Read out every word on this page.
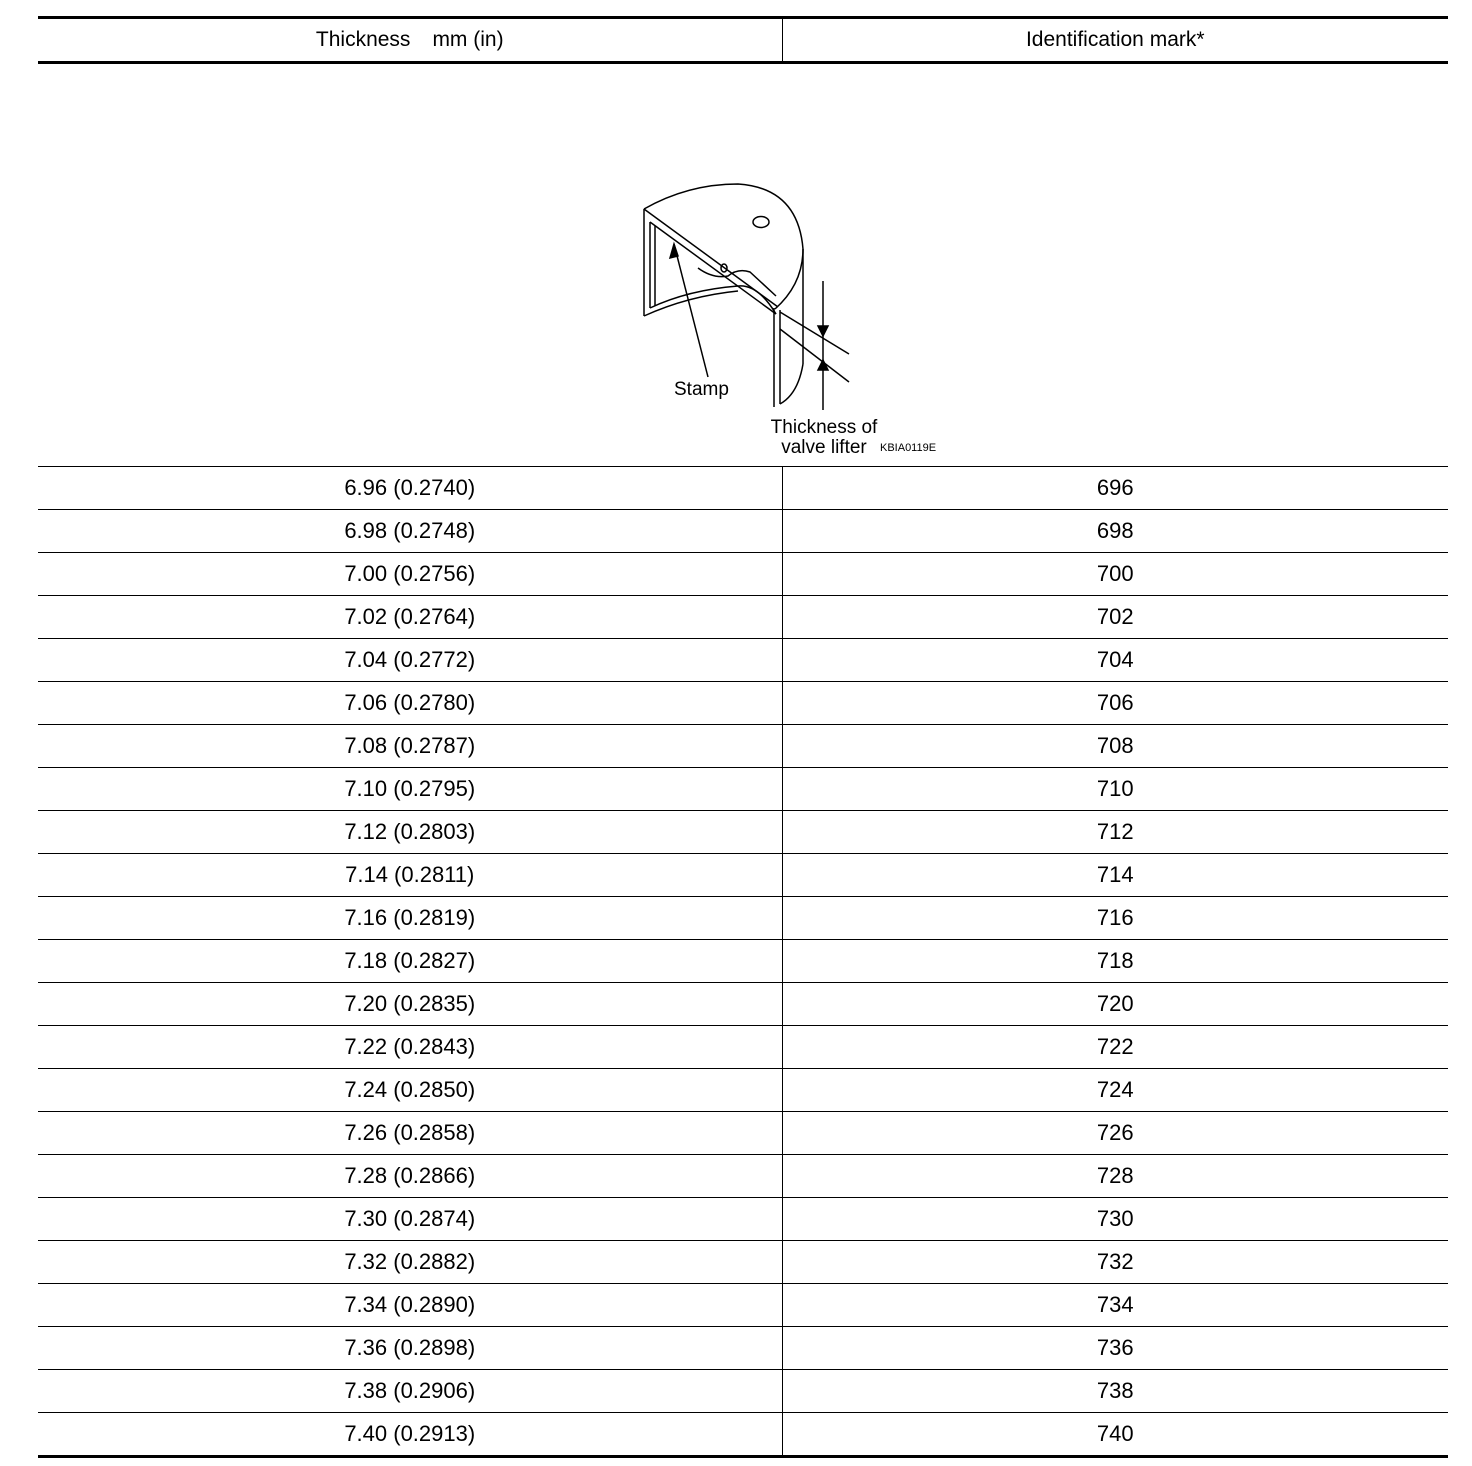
Thickness mm (in)	Identification mark*

Stamp
Thickness of
valve lifter KBIA0119E	

6.96 (0.2740)	696
6.98 (0.2748)	698
7.00 (0.2756)	700
7.02 (0.2764)	702
7.04 (0.2772)	704
7.06 (0.2780)	706
7.08 (0.2787)	708
7.10 (0.2795)	710
7.12 (0.2803)	712
7.14 (0.2811)	714
7.16 (0.2819)	716
7.18 (0.2827)	718
7.20 (0.2835)	720
7.22 (0.2843)	722
7.24 (0.2850)	724
7.26 (0.2858)	726
7.28 (0.2866)	728
7.30 (0.2874)	730
7.32 (0.2882)	732
7.34 (0.2890)	734
7.36 (0.2898)	736
7.38 (0.2906)	738
7.40 (0.2913)	740
